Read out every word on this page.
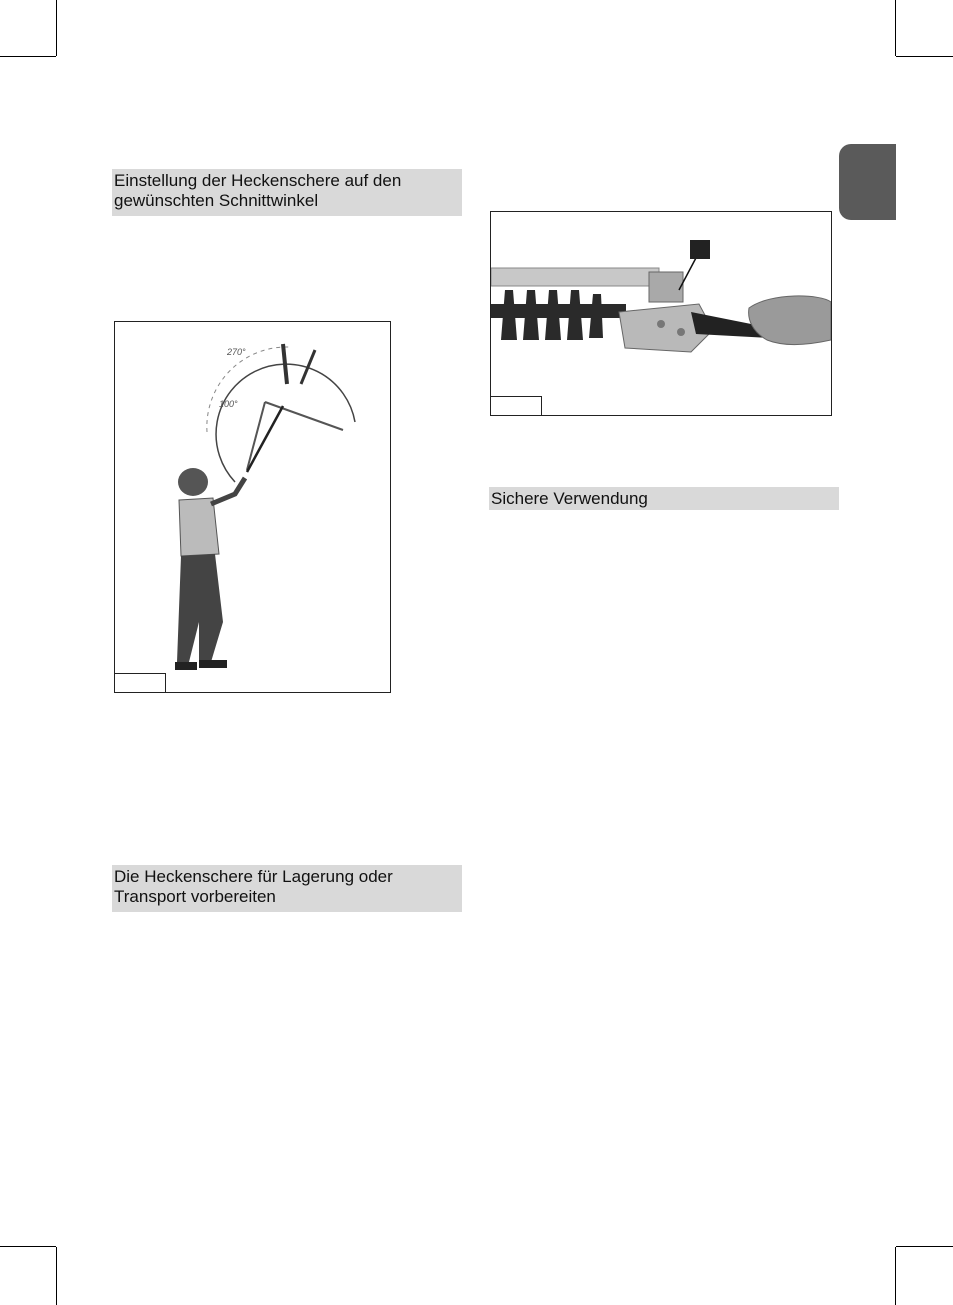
Einstellung der Heckenschere auf den
gewünschten Schnittwinkel
270°
100°
Die Heckenschere für Lagerung oder
Transport vorbereiten
Sichere Verwendung
